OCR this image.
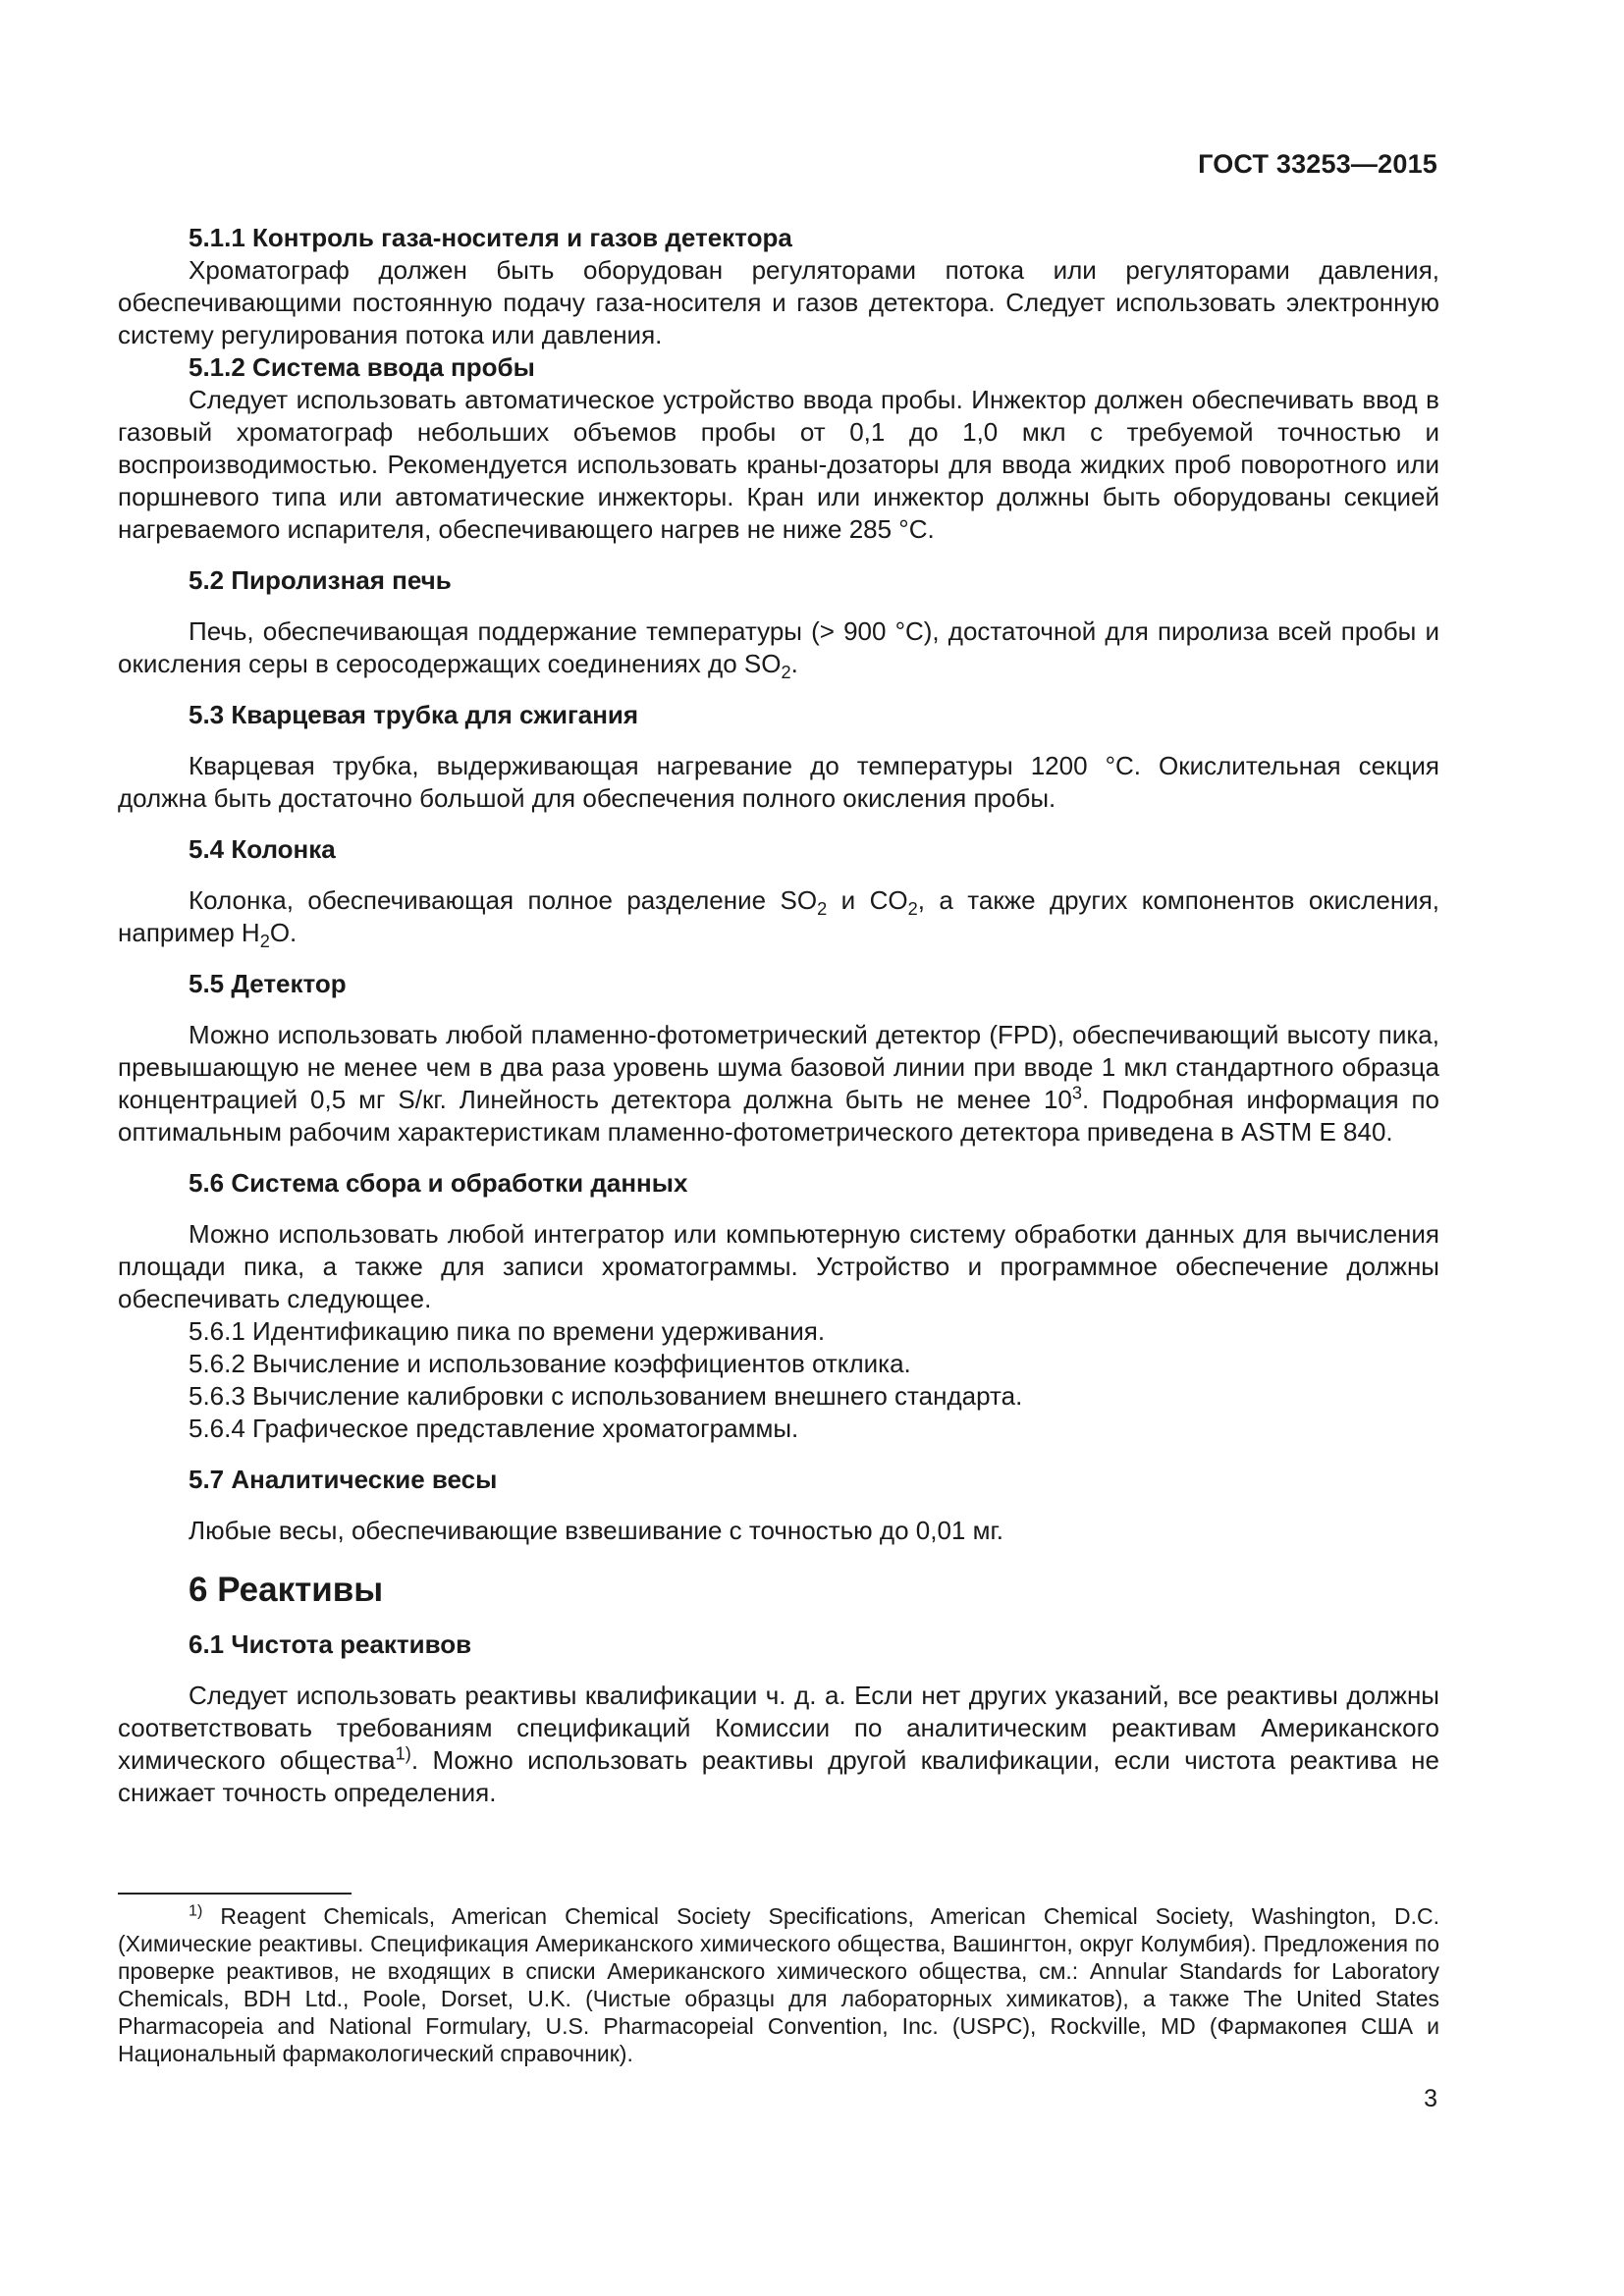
ГОСТ 33253—2015
5.1.1 Контроль газа-носителя и газов детектора

Хроматограф должен быть оборудован регуляторами потока или регуляторами давления, обеспечивающими постоянную подачу газа-носителя и газов детектора. Следует использовать электронную систему регулирования потока или давления.

5.1.2 Система ввода пробы

Следует использовать автоматическое устройство ввода пробы. Инжектор должен обеспечивать ввод в газовый хроматограф небольших объемов пробы от 0,1 до 1,0 мкл с требуемой точностью и воспроизводимостью. Рекомендуется использовать краны-дозаторы для ввода жидких проб поворотного или поршневого типа или автоматические инжекторы. Кран или инжектор должны быть оборудованы секцией нагреваемого испарителя, обеспечивающего нагрев не ниже 285 °С.

5.2 Пиролизная печь

Печь, обеспечивающая поддержание температуры (> 900 °С), достаточной для пиролиза всей пробы и окисления серы в серосодержащих соединениях до $SO_2$.

5.3 Кварцевая трубка для сжигания

Кварцевая трубка, выдерживающая нагревание до температуры 1200 °С. Окислительная секция должна быть достаточно большой для обеспечения полного окисления пробы.

5.4 Колонка

Колонка, обеспечивающая полное разделение $SO_2$ и $CO_2$, а также других компонентов окисления, например $H_2O$.

5.5 Детектор

Можно использовать любой пламенно-фотометрический детектор (FPD), обеспечивающий высоту пика, превышающую не менее чем в два раза уровень шума базовой линии при вводе 1 мкл стандартного образца концентрацией 0,5 мг S/кг. Линейность детектора должна быть не менее $10^3$. Подробная информация по оптимальным рабочим характеристикам пламенно-фотометрического детектора приведена в ASTM E 840.

5.6 Система сбора и обработки данных

Можно использовать любой интегратор или компьютерную систему обработки данных для вычисления площади пика, а также для записи хроматограммы. Устройство и программное обеспечение должны обеспечивать следующее.

5.6.1 Идентификацию пика по времени удерживания.
5.6.2 Вычисление и использование коэффициентов отклика.
5.6.3 Вычисление калибровки с использованием внешнего стандарта.
5.6.4 Графическое представление хроматограммы.
5.7 Аналитические весы

Любые весы, обеспечивающие взвешивание с точностью до 0,01 мг.

6 Реактивы
6.1 Чистота реактивов

Следует использовать реактивы квалификации ч. д. а. Если нет других указаний, все реактивы должны соответствовать требованиям спецификаций Комиссии по аналитическим реактивам Американского химического общества$^{1)}$. Можно использовать реактивы другой квалификации, если чистота реактива не снижает точность определения.

$^{1)}$ Reagent Chemicals, American Chemical Society Specifications, American Chemical Society, Washington, D.C. (Химические реактивы. Спецификация Американского химического общества, Вашингтон, округ Колумбия). Предложения по проверке реактивов, не входящих в списки Американского химического общества, см.: Annular Standards for Laboratory Chemicals, BDH Ltd., Poole, Dorset, U.K. (Чистые образцы для лабораторных химикатов), а также The United States Pharmacopeia and National Formulary, U.S. Pharmacopeial Convention, Inc. (USPC), Rockville, MD (Фармакопея США и Национальный фармакологический справочник).

3
